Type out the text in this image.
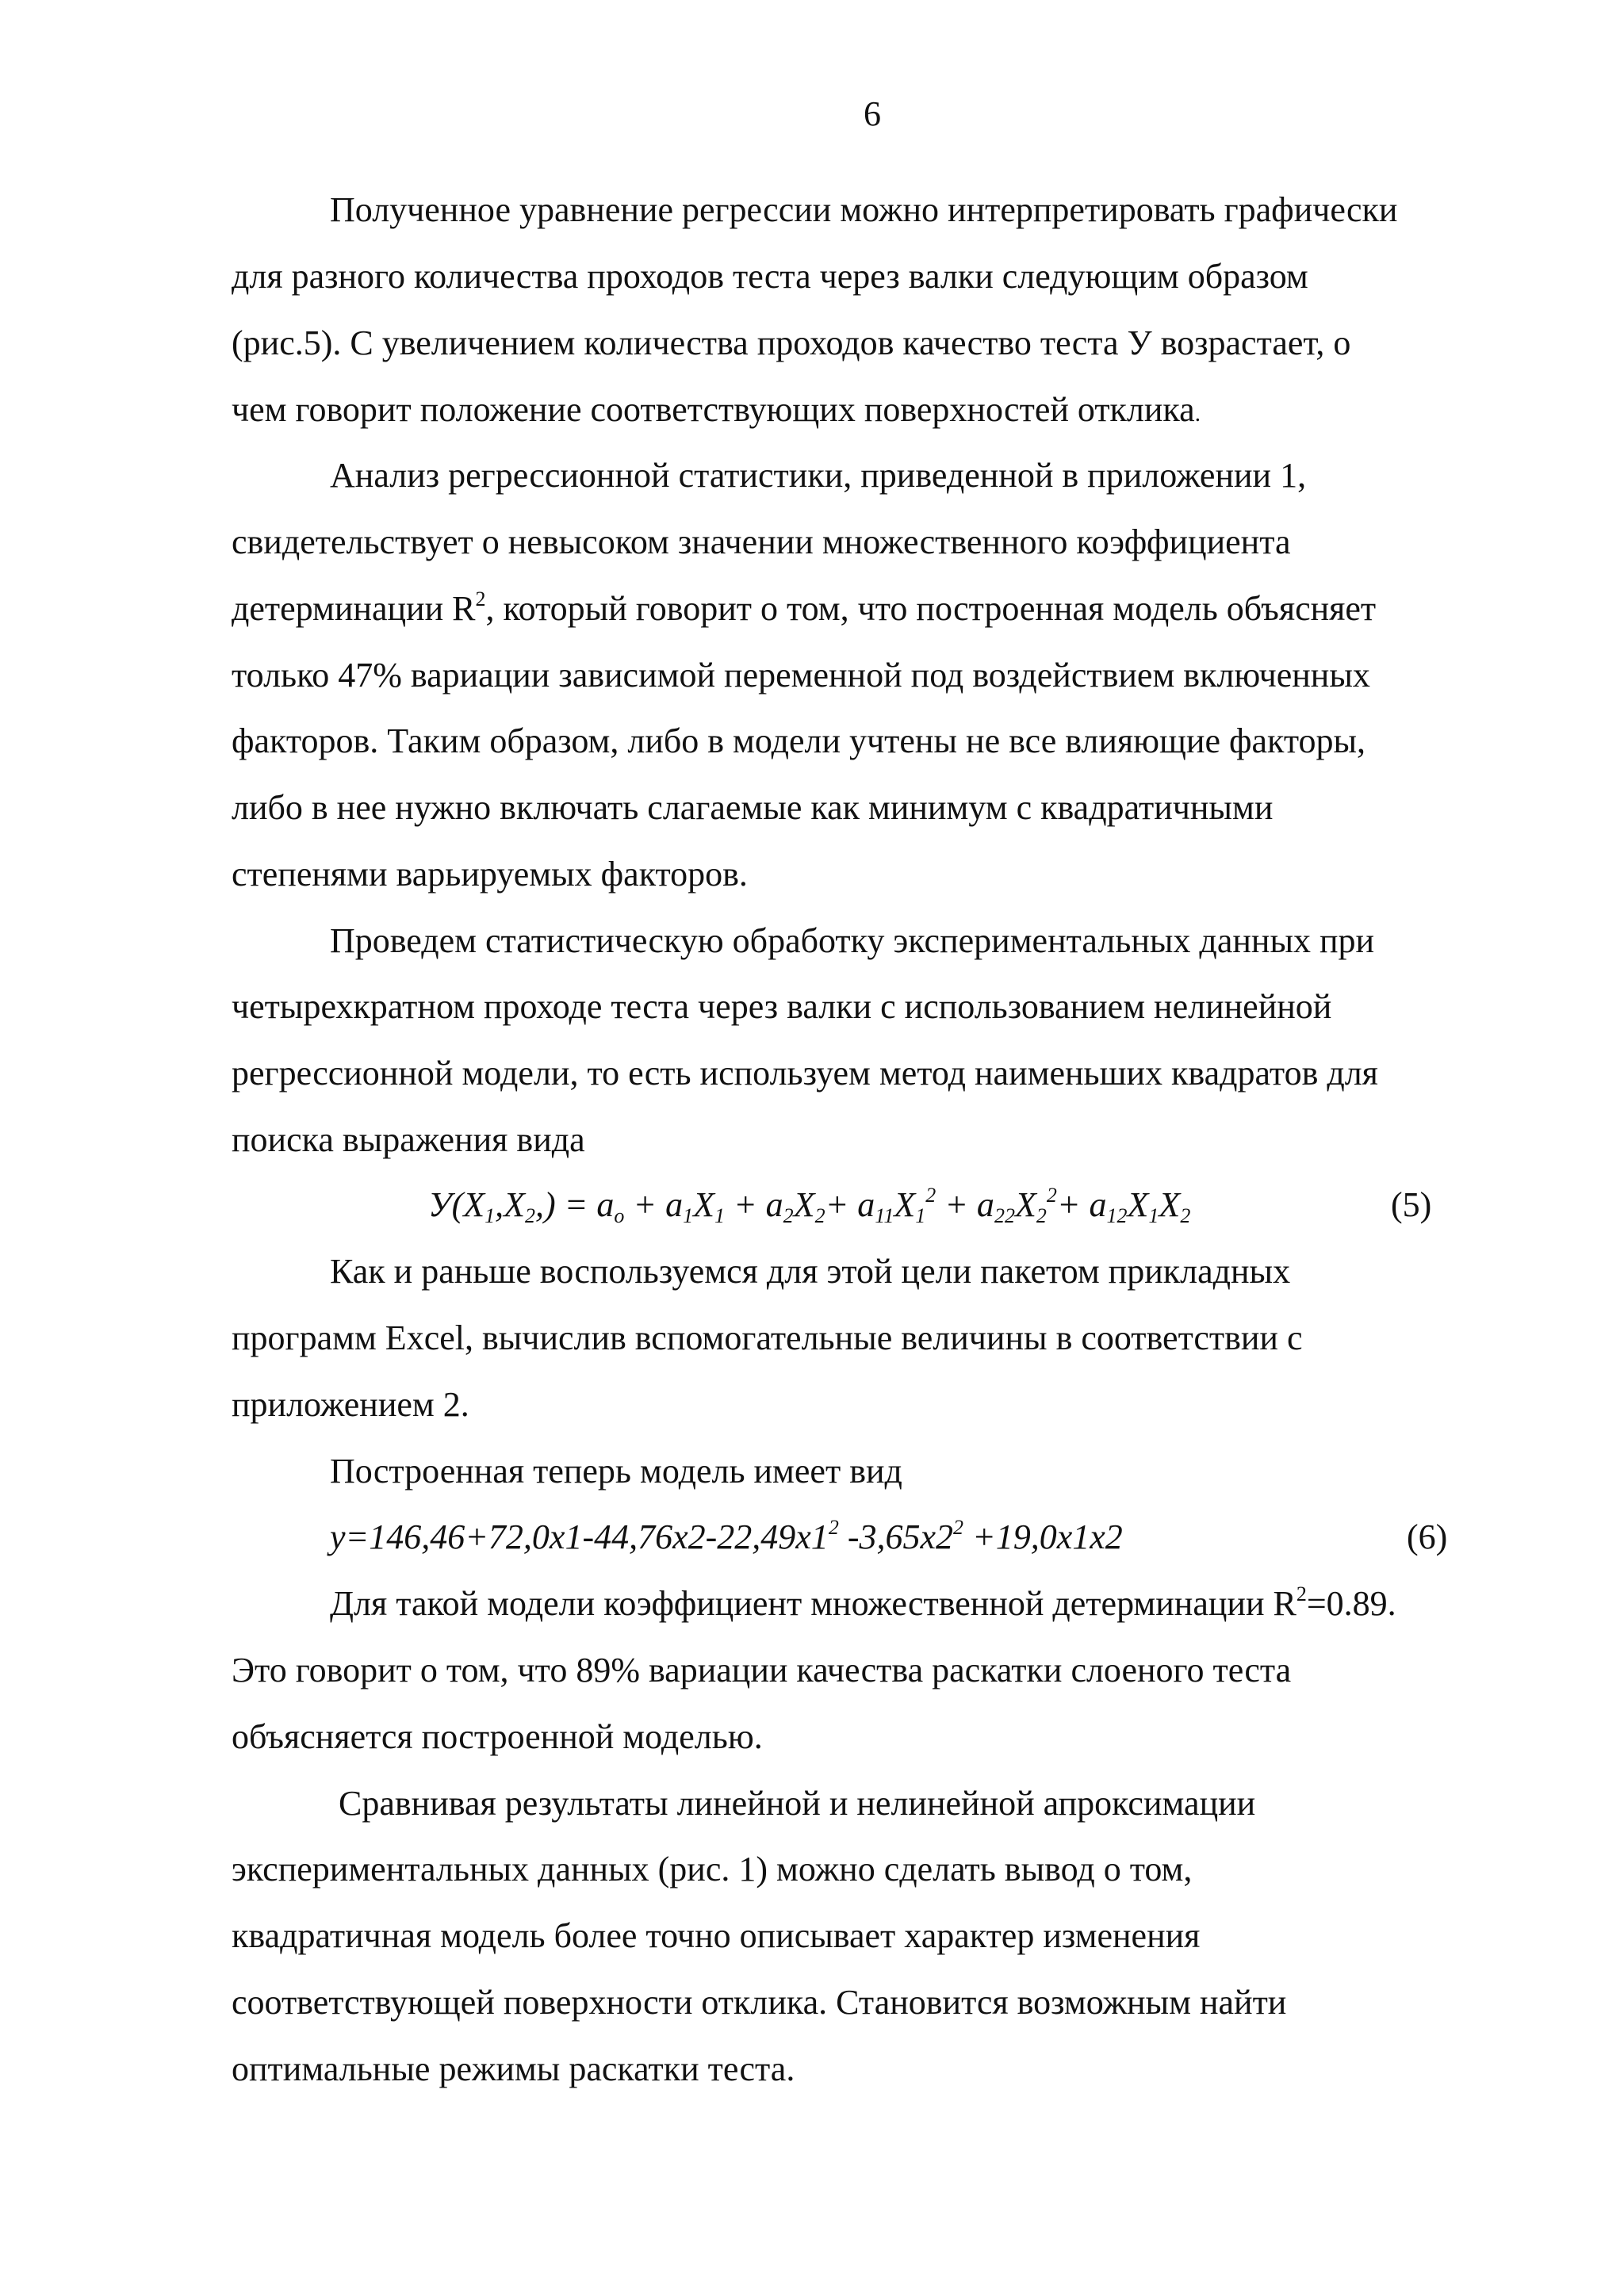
6
Полученное уравнение регрессии можно интерпретировать графически
для разного количества проходов теста через валки следующим образом
(рис.5). С увеличением количества проходов качество теста У возрастает, о
чем говорит положение соответствующих поверхностей отклика.
Анализ регрессионной статистики, приведенной в приложении 1,
свидетельствует о невысоком значении множественного коэффициента
детерминации $R^2$, который говорит о том, что построенная модель объясняет
только 47% вариации зависимой переменной под воздействием включенных
факторов. Таким образом, либо в модели учтены не все влияющие факторы,
либо в нее нужно включать слагаемые как минимум с квадратичными
степенями варьируемых факторов.
Проведем статистическую обработку экспериментальных данных при
четырехкратном проходе теста через валки с использованием нелинейной
регрессионной модели, то есть используем метод наименьших квадратов для
поиска выражения вида
$У(X_1,X_2,) = a_o + a_1X_1 + a_2X_2+ a_{11}X_1^2 + a_{22}X_2^2+ a_{12}X_1X_2$	(5)
Как и раньше воспользуемся для этой цели пакетом прикладных
программ Excel, вычислив вспомогательные величины в соответствии с
приложением 2.
Построенная теперь модель имеет вид
$y=146,46+72,0x1-44,76x2-22,49x1^2$ $-3,65x2^2 +19,0x1x2$	(6)
Для такой модели коэффициент множественной детерминации $R^2=0.89$.
Это говорит о том, что 89% вариации качества раскатки слоеного теста
объясняется построенной моделью.
Сравнивая результаты линейной и нелинейной апроксимации
экспериментальных данных (рис. 1) можно сделать вывод о том,
квадратичная модель более точно описывает характер изменения
соответствующей поверхности отклика. Становится возможным найти
оптимальные режимы раскатки теста.
